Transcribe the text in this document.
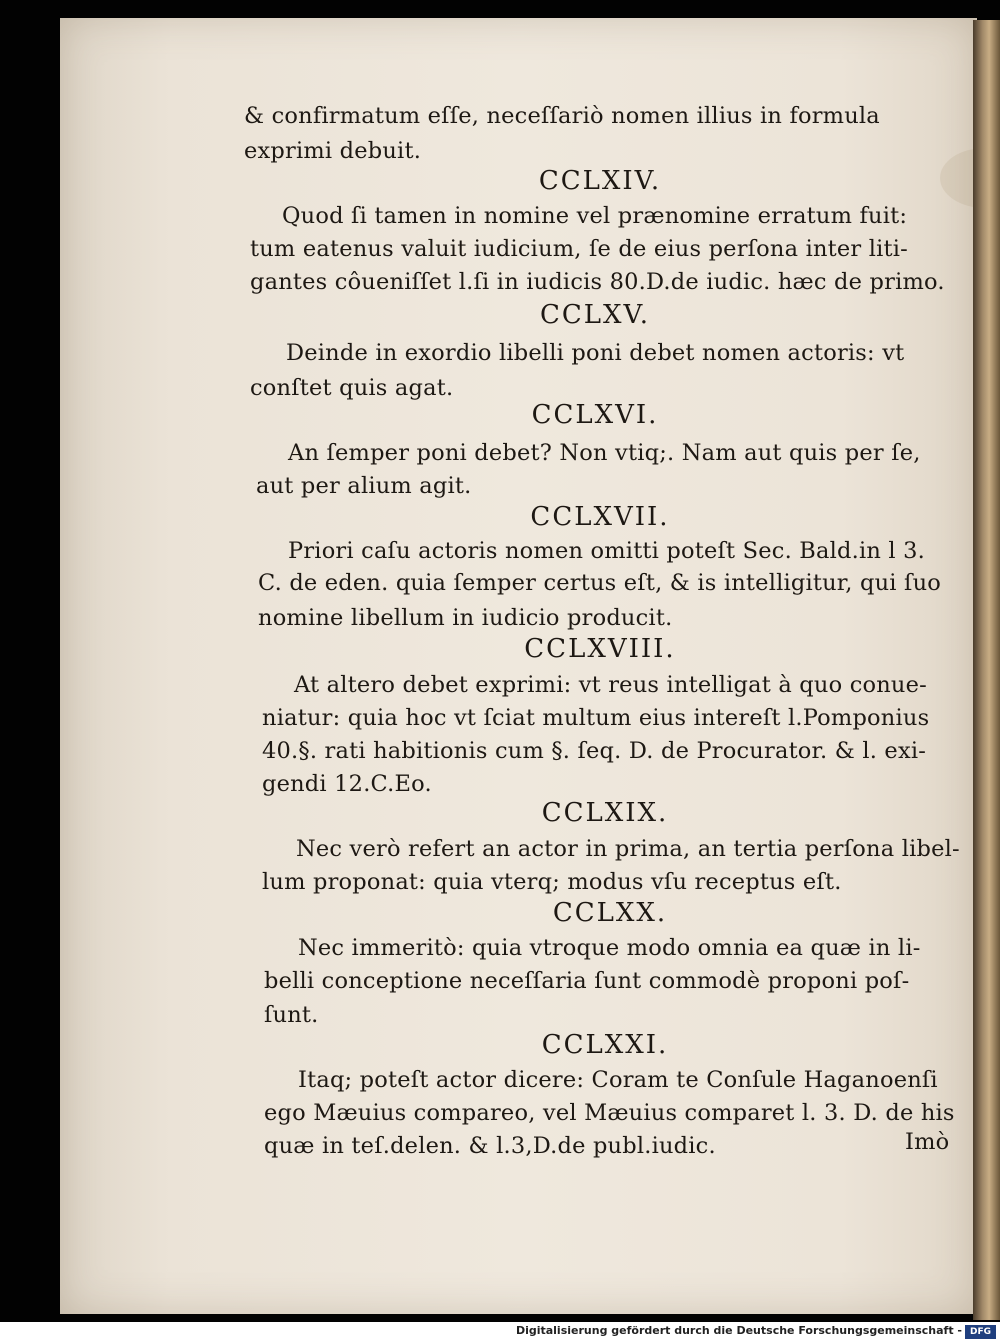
& confirmatum eſſe, neceſſariò nomen illius in formula
exprimi debuit.
CCLXIV.
Quod ſi tamen in nomine vel prænomine erratum fuit:
tum eatenus valuit iudicium, ſe de eius perſona inter liti-
gantes côueniſſet l.ſi in iudicis 80.D.de iudic. hæc de primo.
CCLXV.
Deinde in exordio libelli poni debet nomen actoris: vt
conſtet quis agat.
CCLXVI.
An ſemper poni debet? Non vtiq;. Nam aut quis per ſe,
aut per alium agit.
CCLXVII.
Priori caſu actoris nomen omitti poteſt Sec. Bald.in l 3.
C. de eden. quia ſemper certus eſt, & is intelligitur, qui ſuo
nomine libellum in iudicio producit.
CCLXVIII.
At altero debet exprimi: vt reus intelligat à quo conue-
niatur: quia hoc vt ſciat multum eius intereſt l.Pomponius
40.§. rati habitionis cum §. ſeq. D. de Procurator. & l. exi-
gendi 12.C.Eo.
CCLXIX.
Nec verò refert an actor in prima, an tertia perſona libel-
lum proponat: quia vterq; modus vſu receptus eſt.
CCLXX.
Nec immeritò: quia vtroque modo omnia ea quæ in li-
belli conceptione neceſſaria ſunt commodè proponi poſ-
ſunt.
CCLXXI.
Itaq; poteſt actor dicere: Coram te Conſule Haganoenſi
ego Mæuius compareo, vel Mæuius comparet l. 3. D. de his
quæ in teſ.delen. & l.3,D.de publ.iudic.	Imò
Digitalisierung gefördert durch die Deutsche Forschungsgemeinschaft - DFG
